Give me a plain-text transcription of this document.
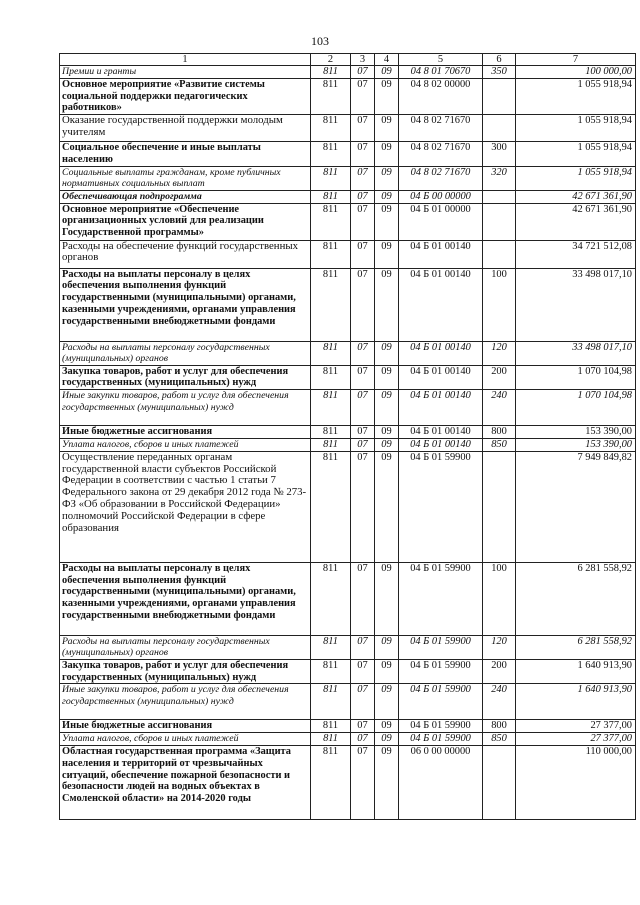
103
1	2	3	4	5	6	7
Премии и гранты	811	07	09	04 8 01 70670	350	100 000,00
Основное мероприятие «Развитие системы социальной поддержки педагогических работников»	811	07	09	04 8 02 00000		1 055 918,94
Оказание государственной поддержки молодым учителям	811	07	09	04 8 02 71670		1 055 918,94
Социальное обеспечение и иные выплаты населению	811	07	09	04 8 02 71670	300	1 055 918,94
Социальные выплаты гражданам, кроме публичных нормативных социальных выплат	811	07	09	04 8 02 71670	320	1 055 918,94
Обеспечивающая подпрограмма	811	07	09	04 Б 00 00000		42 671 361,90
Основное мероприятие «Обеспечение организационных условий для реализации Государственной программы»	811	07	09	04 Б 01 00000		42 671 361,90
Расходы на обеспечение функций государственных органов	811	07	09	04 Б 01 00140		34 721 512,08
Расходы на выплаты персоналу в целях обеспечения выполнения функций государственными (муниципальными) органами, казенными учреждениями, органами управления государственными внебюджетными фондами	811	07	09	04 Б 01 00140	100	33 498 017,10
Расходы на выплаты персоналу государственных (муниципальных) органов	811	07	09	04 Б 01 00140	120	33 498 017,10
Закупка товаров, работ и услуг для обеспечения государственных (муниципальных) нужд	811	07	09	04 Б 01 00140	200	1 070 104,98
Иные закупки товаров, работ и услуг для обеспечения государственных (муниципальных) нужд	811	07	09	04 Б 01 00140	240	1 070 104,98
Иные бюджетные ассигнования	811	07	09	04 Б 01 00140	800	153 390,00
Уплата налогов, сборов и иных платежей	811	07	09	04 Б 01 00140	850	153 390,00
Осуществление переданных органам государственной власти субъектов Российской Федерации в соответствии с частью 1 статьи 7 Федерального закона от 29 декабря 2012 года № 273-ФЗ «Об образовании в Российской Федерации» полномочий Российской Федерации в сфере образования	811	07	09	04 Б 01 59900		7 949 849,82
Расходы на выплаты персоналу в целях обеспечения выполнения функций государственными (муниципальными) органами, казенными учреждениями, органами управления государственными внебюджетными фондами	811	07	09	04 Б 01 59900	100	6 281 558,92
Расходы на выплаты персоналу государственных (муниципальных) органов	811	07	09	04 Б 01 59900	120	6 281 558,92
Закупка товаров, работ и услуг для обеспечения государственных (муниципальных) нужд	811	07	09	04 Б 01 59900	200	1 640 913,90
Иные закупки товаров, работ и услуг для обеспечения государственных (муниципальных) нужд	811	07	09	04 Б 01 59900	240	1 640 913,90
Иные бюджетные ассигнования	811	07	09	04 Б 01 59900	800	27 377,00
Уплата налогов, сборов и иных платежей	811	07	09	04 Б 01 59900	850	27 377,00
Областная государственная программа «Защита населения и территорий от чрезвычайных ситуаций, обеспечение пожарной безопасности и безопасности людей на водных объектах в Смоленской области» на 2014-2020 годы	811	07	09	06 0 00 00000		110 000,00
